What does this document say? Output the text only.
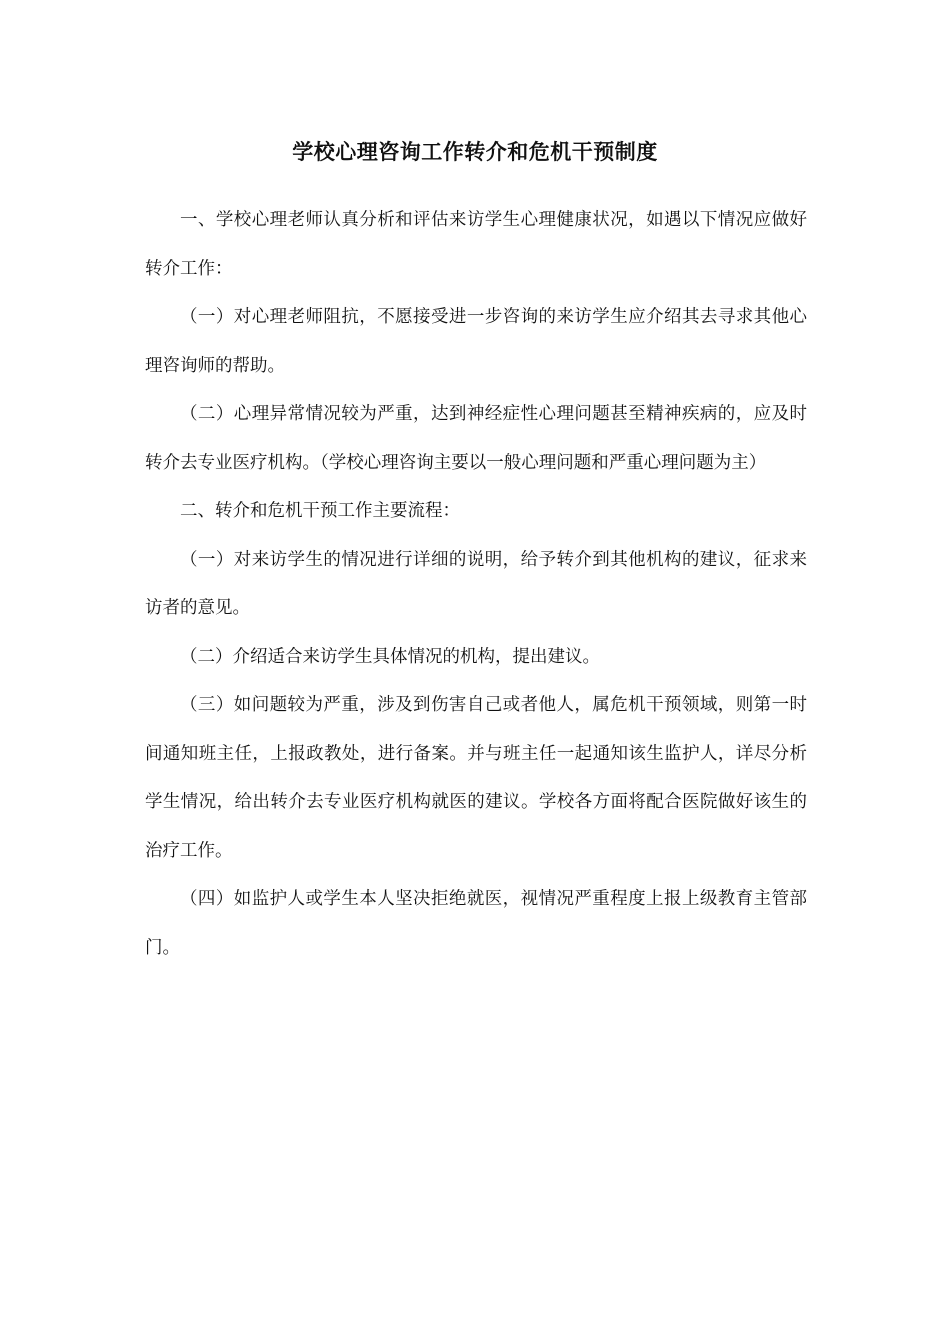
学校心理咨询工作转介和危机干预制度

一、学校心理老师认真分析和评估来访学生心理健康状况，如遇以下情况应做好转介工作：

（一）对心理老师阻抗，不愿接受进一步咨询的来访学生应介绍其去寻求其他心理咨询师的帮助。

（二）心理异常情况较为严重，达到神经症性心理问题甚至精神疾病的，应及时转介去专业医疗机构。（学校心理咨询主要以一般心理问题和严重心理问题为主）

二、转介和危机干预工作主要流程：

（一）对来访学生的情况进行详细的说明，给予转介到其他机构的建议，征求来访者的意见。

（二）介绍适合来访学生具体情况的机构，提出建议。

（三）如问题较为严重，涉及到伤害自己或者他人，属危机干预领域，则第一时间通知班主任，上报政教处，进行备案。并与班主任一起通知该生监护人，详尽分析学生情况，给出转介去专业医疗机构就医的建议。学校各方面将配合医院做好该生的治疗工作。

（四）如监护人或学生本人坚决拒绝就医，视情况严重程度上报上级教育主管部门。
